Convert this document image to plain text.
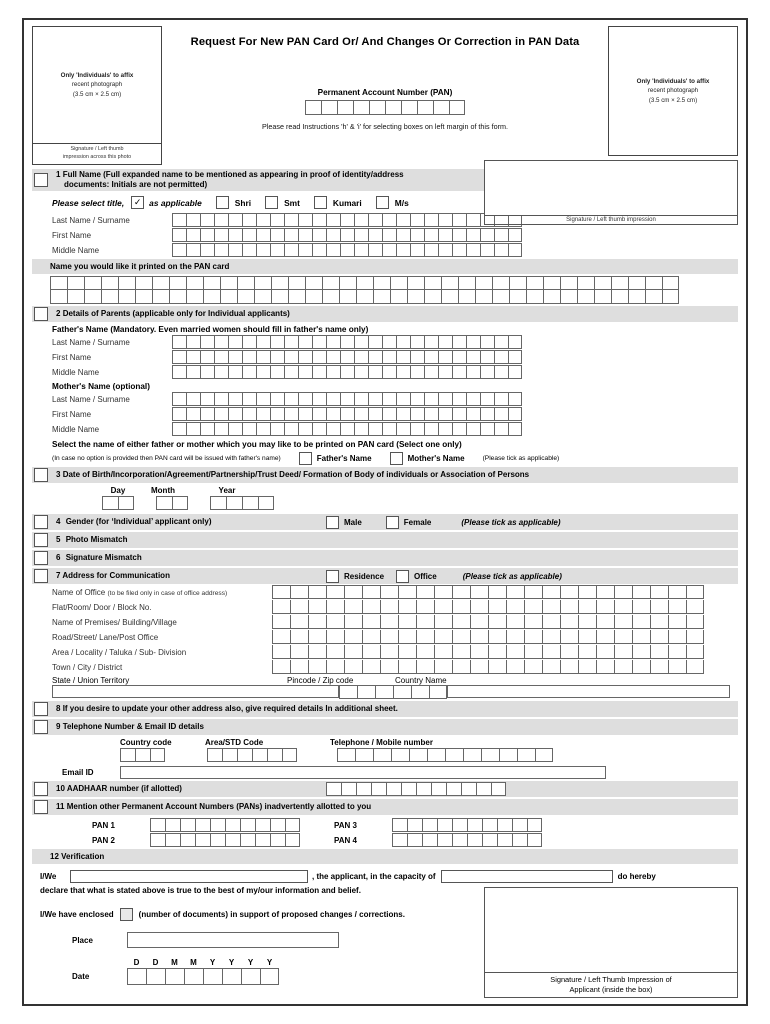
Only 'Individuals' to affix
recent photograph
(3.5 cm × 2.5 cm)
Signature / Left thumb
impression across this photo
Request For New PAN Card Or/ And Changes Or Correction in PAN Data
Permanent Account Number (PAN)
Please read Instructions 'h' & 'i' for selecting boxes on left margin of this form.
Only 'Individuals' to affix
recent photograph
(3.5 cm × 2.5 cm)
Signature / Left thumb impression
1 Full Name (Full expanded name to be mentioned as appearing in proof of identity/address
documents: Initials are not permitted)
Please select title,	✓ as applicable	Shri	Smt	Kumari	M/s
Last Name / Surname
First Name
Middle Name
Name you would like it printed on the PAN card
2 Details of Parents (applicable only for Individual applicants)
Father's Name (Mandatory. Even married women should fill in father's name only)
Last Name / Surname
First Name
Middle Name
Mother's Name (optional)
Last Name / Surname
First Name
Middle Name
Select the name of either father or mother which you may like to be printed on PAN card (Select one only)
(In case no option is provided then PAN card will be issued with father's name)	Father's Name	Mother's Name	(Please tick as applicable)
3 Date of Birth/Incorporation/Agreement/Partnership/Trust Deed/ Formation of Body of individuals or Association of Persons
Day	Month	Year
4 Gender (for ‘Individual’ applicant only)	Male	Female	(Please tick as applicable)
5 Photo Mismatch
6 Signature Mismatch
7 Address for Communication	Residence	Office	(Please tick as applicable)
Name of Office (to be filed only in case of office address)
Flat/Room/ Door / Block No.
Name of Premises/ Building/Village
Road/Street/ Lane/Post Office
Area / Locality / Taluka / Sub- Division
Town / City / District
State / Union Territory	Pincode / Zip code	Country Name
8 If you desire to update your other address also, give required details In additional sheet.
9 Telephone Number & Email ID details
Country code	Area/STD Code	Telephone / Mobile number
Email ID
10 AADHAAR number (if allotted)
11 Mention other Permanent Account Numbers (PANs) inadvertently allotted to you
PAN 1	PAN 3
PAN 2	PAN 4
12 Verification
I/We	, the applicant, in the capacity of	do hereby
declare that what is stated above is true to the best of my/our information and belief.
I/We have enclosed	(number of documents) in support of proposed changes / corrections.
Place
D	D	M	M	Y	Y	Y	Y
Date	Signature / Left Thumb Impression of
Applicant (inside the box)
